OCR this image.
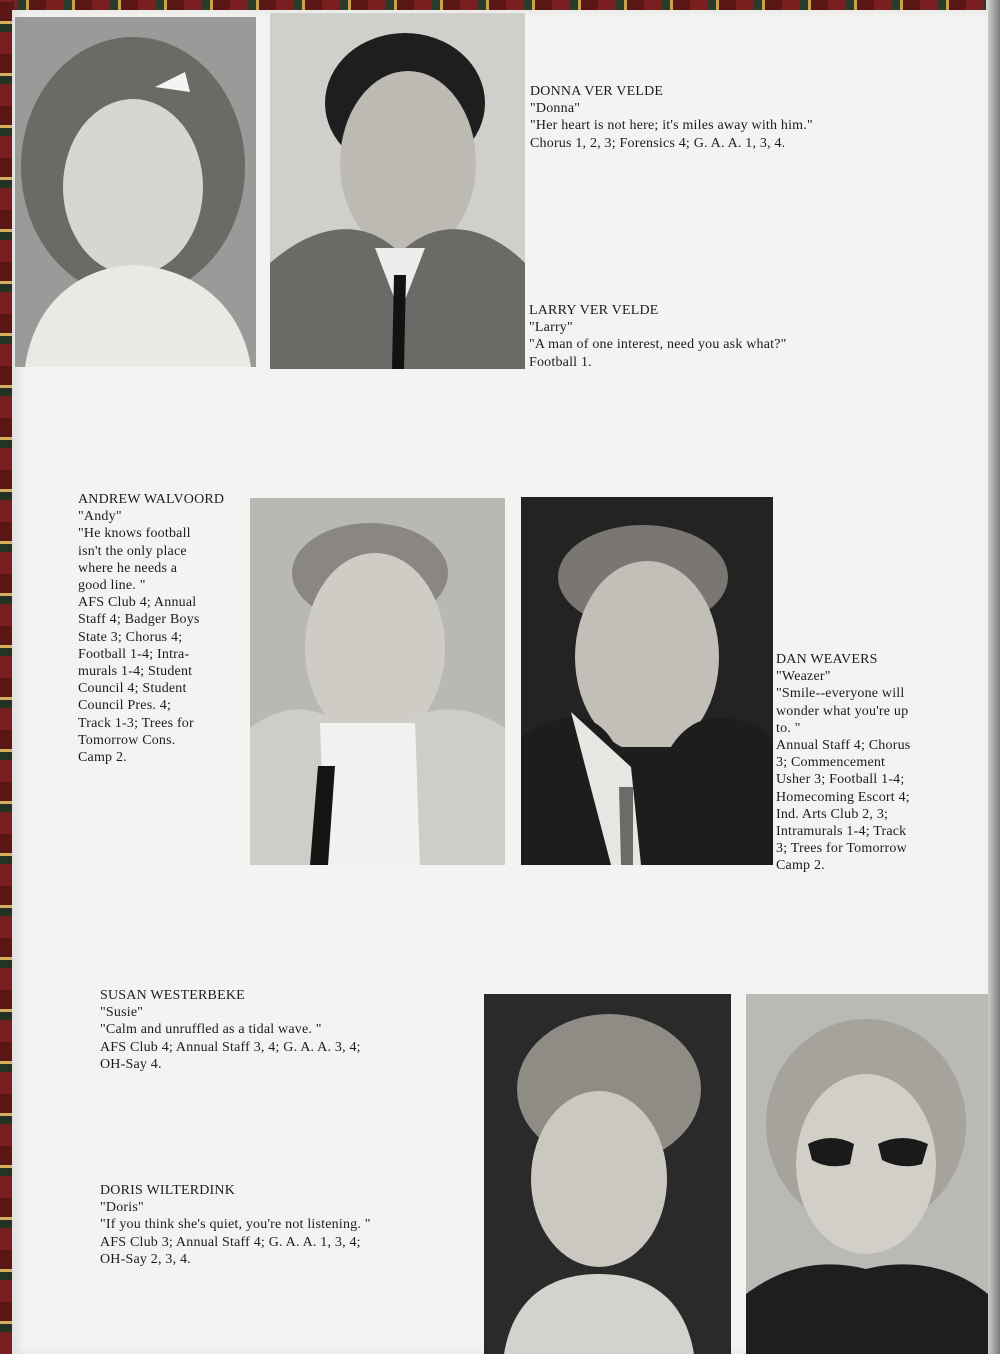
DONNA VER VELDE
"Donna"
"Her heart is not here; it's miles away with him."
Chorus 1, 2, 3; Forensics 4; G. A. A. 1, 3, 4.
LARRY VER VELDE
"Larry"
"A man of one interest, need you ask what?"
Football 1.
ANDREW WALVOORD
"Andy"
"He knows football
isn't the only place
where he needs a
good line. "
AFS Club 4; Annual
Staff 4; Badger Boys
State 3; Chorus 4;
Football 1-4; Intra-
murals 1-4; Student
Council 4; Student
Council Pres. 4;
Track 1-3; Trees for
Tomorrow Cons.
Camp 2.
DAN WEAVERS
"Weazer"
"Smile--everyone will
wonder what you're up
to. "
Annual Staff 4; Chorus
3; Commencement
Usher 3; Football 1-4;
Homecoming Escort 4;
Ind. Arts Club 2, 3;
Intramurals 1-4; Track
3; Trees for Tomorrow
Camp 2.
SUSAN WESTERBEKE
"Susie"
"Calm and unruffled as a tidal wave. "
AFS Club 4; Annual Staff 3, 4; G. A. A. 3, 4;
OH-Say 4.
DORIS WILTERDINK
"Doris"
"If you think she's quiet, you're not listening. "
AFS Club 3; Annual Staff 4; G. A. A. 1, 3, 4;
OH-Say 2, 3, 4.
